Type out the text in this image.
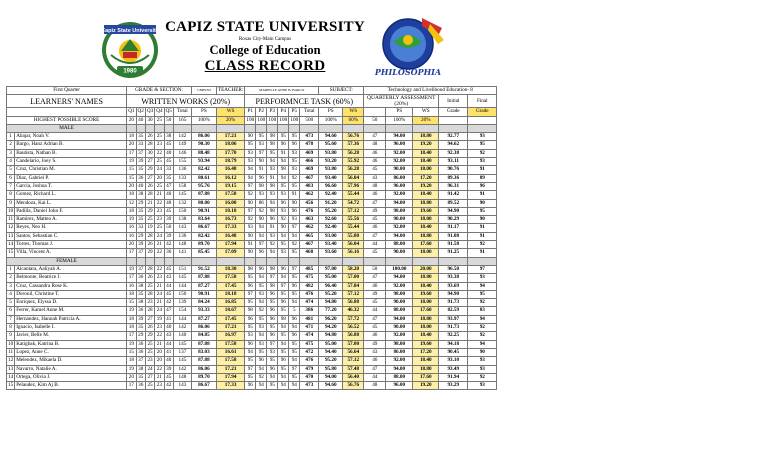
Capiz State University
1980
CAPIZ STATE UNIVERSITY
Roxas City-Main Campus
College of Education
CLASS RECORD	PHILOSOPHIA
First Quarter		GRADE & SECTION:						7-BRYNT	TEACHER:	MARIELLE ANNE B. BARCO						SUBJECT:		Technology and Livelihood Education- 8				
LEARNERS' NAMES		WRITTEN WORKS (20%)								PERFORMNCE TASK (60%)								QUARTERLY ASSESSMENT (20%)			Initial	Final

		Q1	Q2	Q3	Q4	Q5	Total	PS	WS	P1	P2	P3	P4	P5	Total	PS	WS		PS	WS	Grade	Grade
HIGHEST POSSIBLE SCORE		20	40	30	25	50	165	100%	20%	100	100	100	100	100	500	100%	60%	50	100%	20%		
MALE																						
1	Abajar, Noah V.	18	35	26	25	38	142	86.06	17.21	90	95	98	95	95	473	94.60	56.76	47	94.00	18.80	92.77	93
2	Bargo, Hanz Adrian B.	20	33	28	23	45	149	90.30	18.06	95	93	98	96	96	478	95.60	57.36	48	96.00	19.20	94.62	95
3	Bautista, Nathan B.	17	37	30	22	40	146	88.48	17.70	93	97	95	91	93	469	93.80	56.28	46	92.00	18.40	92.38	92
4	Candelario, Joey S.	19	39	27	25	45	155	93.94	18.79	93	90	94	94	95	466	93.20	55.92	46	92.00	18.40	93.11	93
5	Cruz, Christian M.	15	35	29	24	33	136	82.42	16.48	94	91	93	98	93	469	93.80	56.28	45	90.00	18.00	90.76	91
6	Diaz, Gabriel P.	15	36	27	20	35	133	80.61	16.12	94	96	91	94	92	467	93.40	56.04	43	86.00	17.20	89.36	89
7	Garcia, Joshua T.	20	40	26	25	47	158	95.76	19.15	97	98	98	95	95	483	96.60	57.96	48	96.00	19.20	96.31	96
8	Gomez, Richard L.	18	38	28	21	40	145	87.88	17.58	92	93	93	93	91	462	92.40	55.44	46	92.00	18.40	91.42	91
9	Mendoza, Kai L.	12	29	21	22	48	132	80.00	16.00	90	86	94	96	90	456	91.20	54.72	47	94.00	18.80	89.52	90
10	Padilla, Daniel John F.	18	35	29	23	45	150	90.91	18.18	97	92	98	93	96	476	95.20	57.12	49	98.00	19.60	94.90	95
11	Ramirez, Matteo A.	19	35	25	23	39	138	83.64	16.73	92	90	96	92	93	463	92.60	55.56	45	90.00	18.00	90.29	90
12	Reyes, Neo H.	16	33	19	25	50	143	86.67	17.33	93	94	91	90	97	462	92.40	55.44	46	92.00	18.40	91.17	91
13	Santos, Sebastian C.	16	29	28	24	39	136	82.42	16.48	90	94	93	94	94	465	93.00	55.80	47	94.00	18.80	91.08	91
14	Torres, Thomas J.	20	39	26	21	42	148	89.70	17.94	91	97	92	95	92	467	93.40	56.04	44	88.00	17.60	91.58	92
15	Villa, Vincent A.	17	37	29	22	36	141	85.45	17.09	90	96	94	93	95	468	93.60	56.16	45	90.00	18.00	91.25	91
FEMALE																						
1	Alcantara, Aaliyah A.	19	37	28	22	45	151	91.52	18.30	98	96	98	96	97	485	97.00	58.20	50	100.00	20.00	96.50	97
2	Belmonte, Beatrice J.	17	36	26	23	43	145	87.88	17.58	95	94	97	94	95	475	95.00	57.00	47	94.00	18.80	93.38	93
3	Cruz, Cassandra Rose K.	16	38	25	21	44	144	87.27	17.45	96	95	98	97	96	482	96.40	57.84	46	92.00	18.40	93.69	94
4	Doronil, Christine T.	18	35	28	24	45	150	90.91	18.18	97	93	96	95	95	476	95.20	57.12	49	98.00	19.60	94.90	95
5	Enriquez, Elyssa D.	15	38	23	21	42	139	84.24	16.85	95	94	95	96	94	474	94.80	56.88	45	90.00	18.00	91.73	92
6	Ferrer, Kamel Anne M.	19	36	28	24	47	154	93.33	18.67	98	92	96	95	5	386	77.20	46.32	44	88.00	17.60	82.59	83
7	Hernandez, Hannah Patricia A.	18	39	27	19	41	144	87.27	17.45	96	95	96	98	96	481	96.20	57.72	47	94.00	18.80	93.97	94
8	Ignacio, Isabelle I.	18	35	26	23	40	142	86.06	17.21	95	93	95	94	94	471	94.20	56.52	45	90.00	18.00	91.73	92
9	Javier, Belle M.	17	29	29	22	43	140	84.85	16.97	93	94	96	95	96	474	94.80	56.88	46	92.00	18.40	92.25	92
10	Katigbak, Katrina B.	19	36	25	21	44	145	87.88	17.58	96	93	97	94	95	475	95.00	57.00	49	98.00	19.60	94.18	94
11	Lopez, Anne C.	15	36	25	20	41	137	83.03	16.61	94	95	93	95	95	472	94.40	56.64	43	86.00	17.20	90.45	90
12	Melendez, Mikaela D.	18	37	23	20	40	145	87.88	17.58	95	96	95	96	94	476	95.20	57.12	46	92.00	18.40	93.10	93
13	Navarro, Natalie A.	19	38	24	22	39	142	86.06	17.21	97	94	96	95	97	479	95.80	57.48	47	94.00	18.80	93.49	93
14	Ortega, Olivia J.	20	35	27	21	45	148	89.70	17.94	95	92	94	94	95	470	94.00	56.40	44	88.00	17.60	91.94	92
15	Pelaudez, Kim Aj B.	17	36	25	23	42	143	86.67	17.33	96	94	95	94	94	473	94.60	56.76	48	96.00	19.20	93.29	93
